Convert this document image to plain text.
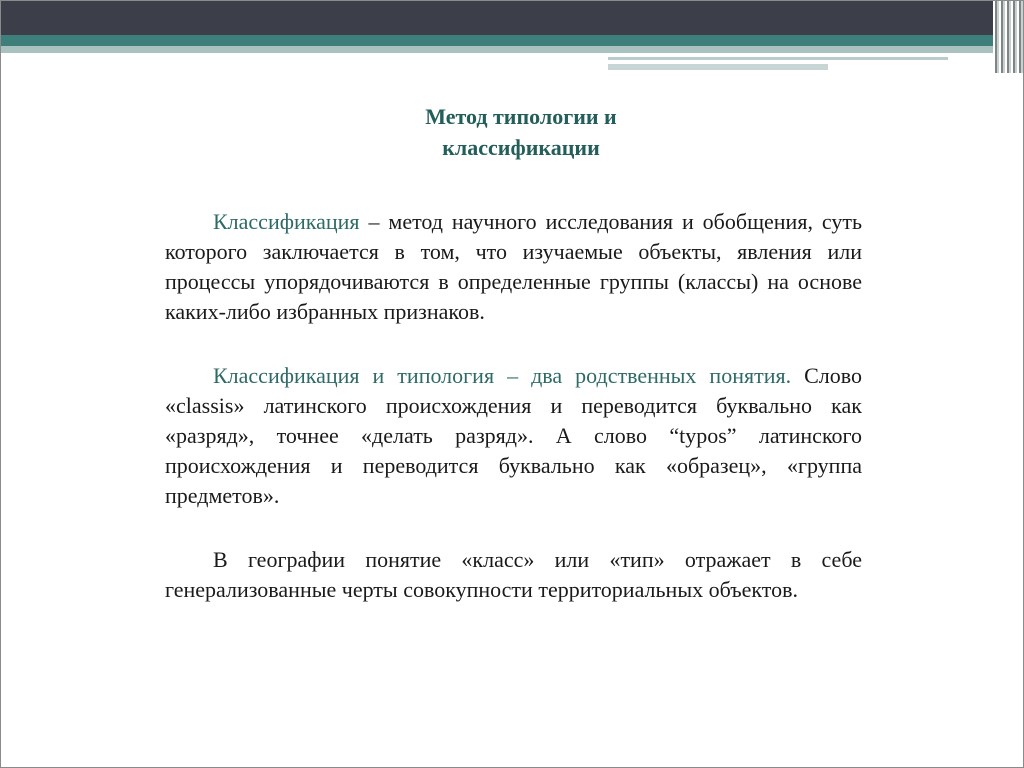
Метод типологии и
классификации

Классификация – метод научного исследования и обобщения, суть которого заключается в том, что изучаемые объекты, явления или процессы упорядочиваются в определенные группы (классы) на основе каких-либо избранных признаков.

Классификация и типология – два родственных понятия. Слово «classis» латинского происхождения и переводится буквально как «разряд», точнее «делать разряд». А слово “typos” латинского происхождения и переводится буквально как «образец», «группа предметов».

В географии понятие «класс» или «тип» отражает в себе генерализованные черты совокупности территориальных объектов.
